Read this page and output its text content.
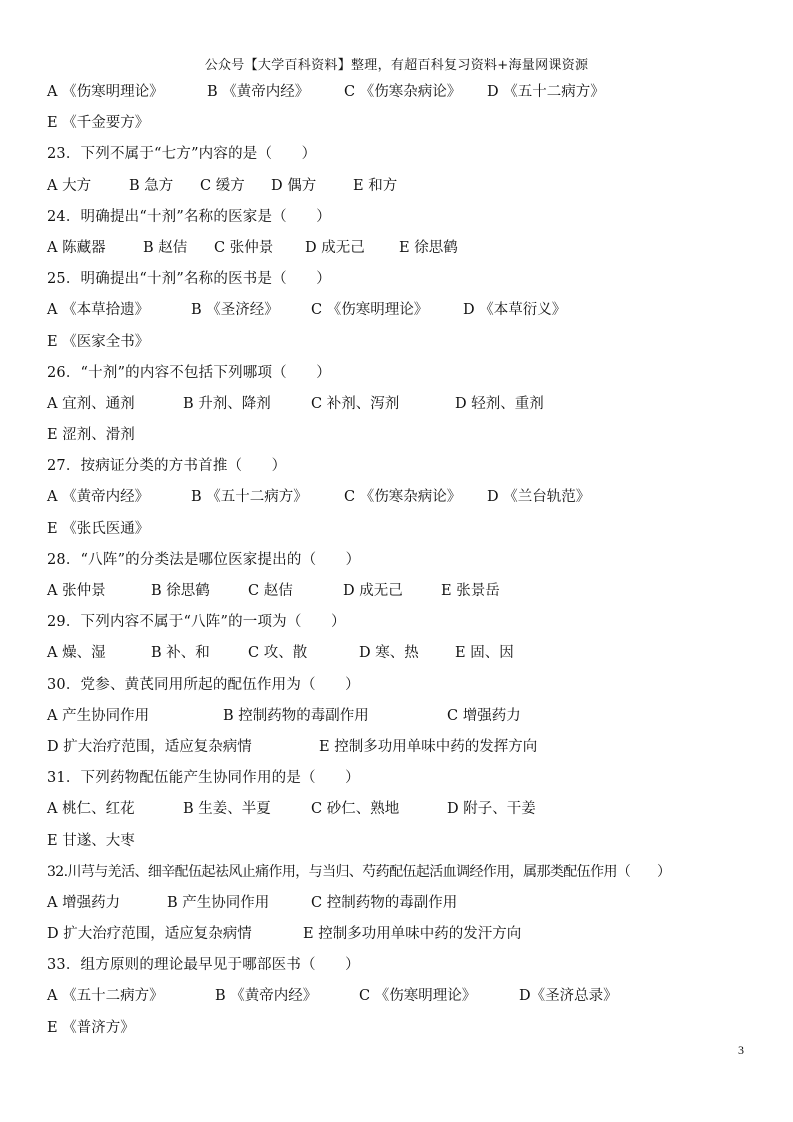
公众号【大学百科资料】整理，有超百科复习资料+海量网课资源
A 《伤寒明理论》	B 《黄帝内经》 C 《伤寒杂病论》 D 《五十二病方》
E 《千金要方》
23．下列不属于“七方”内容的是（　　）
A 大方	B 急方 C 缓方 D 偶方	E 和方
24．明确提出“十剂”名称的医家是（　　）
A 陈藏器	B 赵佶 C 张仲景 D 成无己 E 徐思鹤
25．明确提出“十剂”名称的医书是（　　）
A 《本草拾遗》	B 《圣济经》 C 《伤寒明理论》 D 《本草衍义》
E 《医家全书》
26．“十剂”的内容不包括下列哪项（　　）
A 宜剂、通剂	B 升剂、降剂	C 补剂、泻剂	D 轻剂、重剂
E 涩剂、滑剂
27．按病证分类的方书首推（　　）
A 《黄帝内经》	B 《五十二病方》 C 《伤寒杂病论》 D 《兰台轨范》
E 《张氏医通》
28．“八阵”的分类法是哪位医家提出的（　　）
A 张仲景	B 徐思鹤	C 赵佶	D 成无己	E 张景岳
29．下列内容不属于“八阵”的一项为（　　）
A 燥、湿	B 补、和	C 攻、散	D 寒、热	E 固、因
30．党参、黄芪同用所起的配伍作用为（　　）
A 产生协同作用	B 控制药物的毒副作用	C 增强药力
D 扩大治疗范围，适应复杂病情	E 控制多功用单味中药的发挥方向
31．下列药物配伍能产生协同作用的是（　　）
A 桃仁、红花	B 生姜、半夏	C 砂仁、熟地	D 附子、干姜
E 甘遂、大枣
32.川芎与羌活、细辛配伍起祛风止痛作用，与当归、芍药配伍起活血调经作用，属那类配伍作用（　　）
A 增强药力	B 产生协同作用	C 控制药物的毒副作用
D 扩大治疗范围，适应复杂病情	E 控制多功用单味中药的发汗方向
33．组方原则的理论最早见于哪部医书（　　）
A 《五十二病方》	B 《黄帝内经》	C 《伤寒明理论》	D《圣济总录》
E 《普济方》
3
